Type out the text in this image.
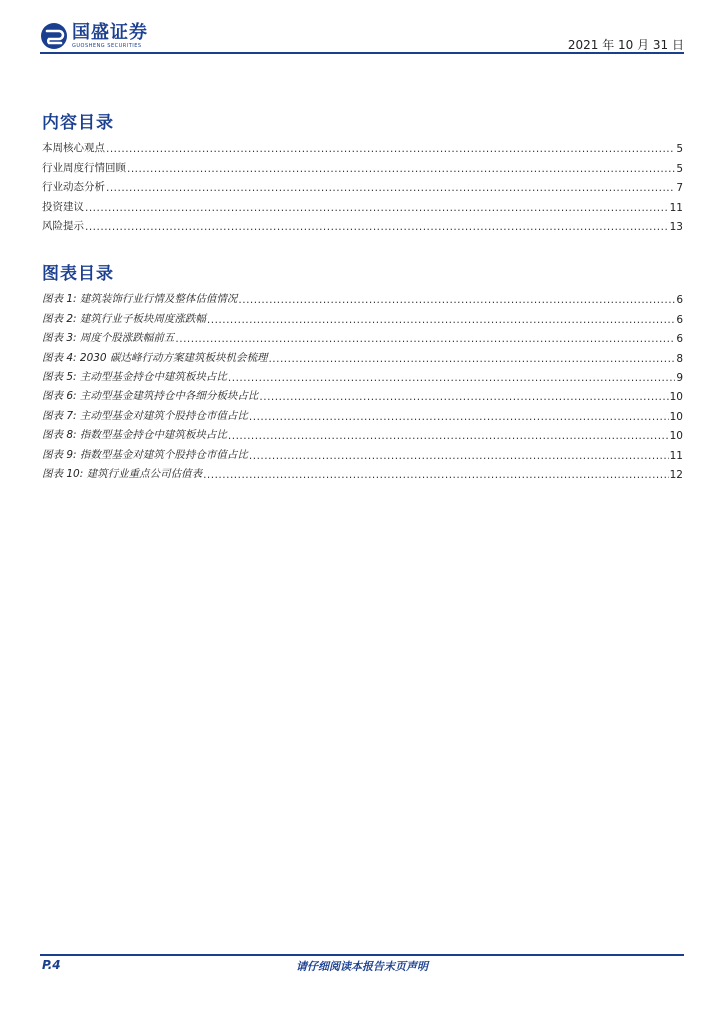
国盛证券
GUOSHENG SECURITIES	2021 年 10 月 31 日
内容目录
本周核心观点 .....	5
行业周度行情回顾 .....	5
行业动态分析 .....	7
投资建议 .....	11
风险提示 .....	13
图表目录
图表 1: 建筑装饰行业行情及整体估值情况 .....	6
图表 2: 建筑行业子板块周度涨跌幅 .....	6
图表 3: 周度个股涨跌幅前五 .....	6
图表 4: 2030 碳达峰行动方案建筑板块机会梳理 .....	8
图表 5: 主动型基金持仓中建筑板块占比 .....	9
图表 6: 主动型基金建筑持仓中各细分板块占比 .....	10
图表 7: 主动型基金对建筑个股持仓市值占比 .....	10
图表 8: 指数型基金持仓中建筑板块占比 .....	10
图表 9: 指数型基金对建筑个股持仓市值占比 .....	11
图表 10: 建筑行业重点公司估值表 .....	12
P.4	请仔细阅读本报告末页声明
